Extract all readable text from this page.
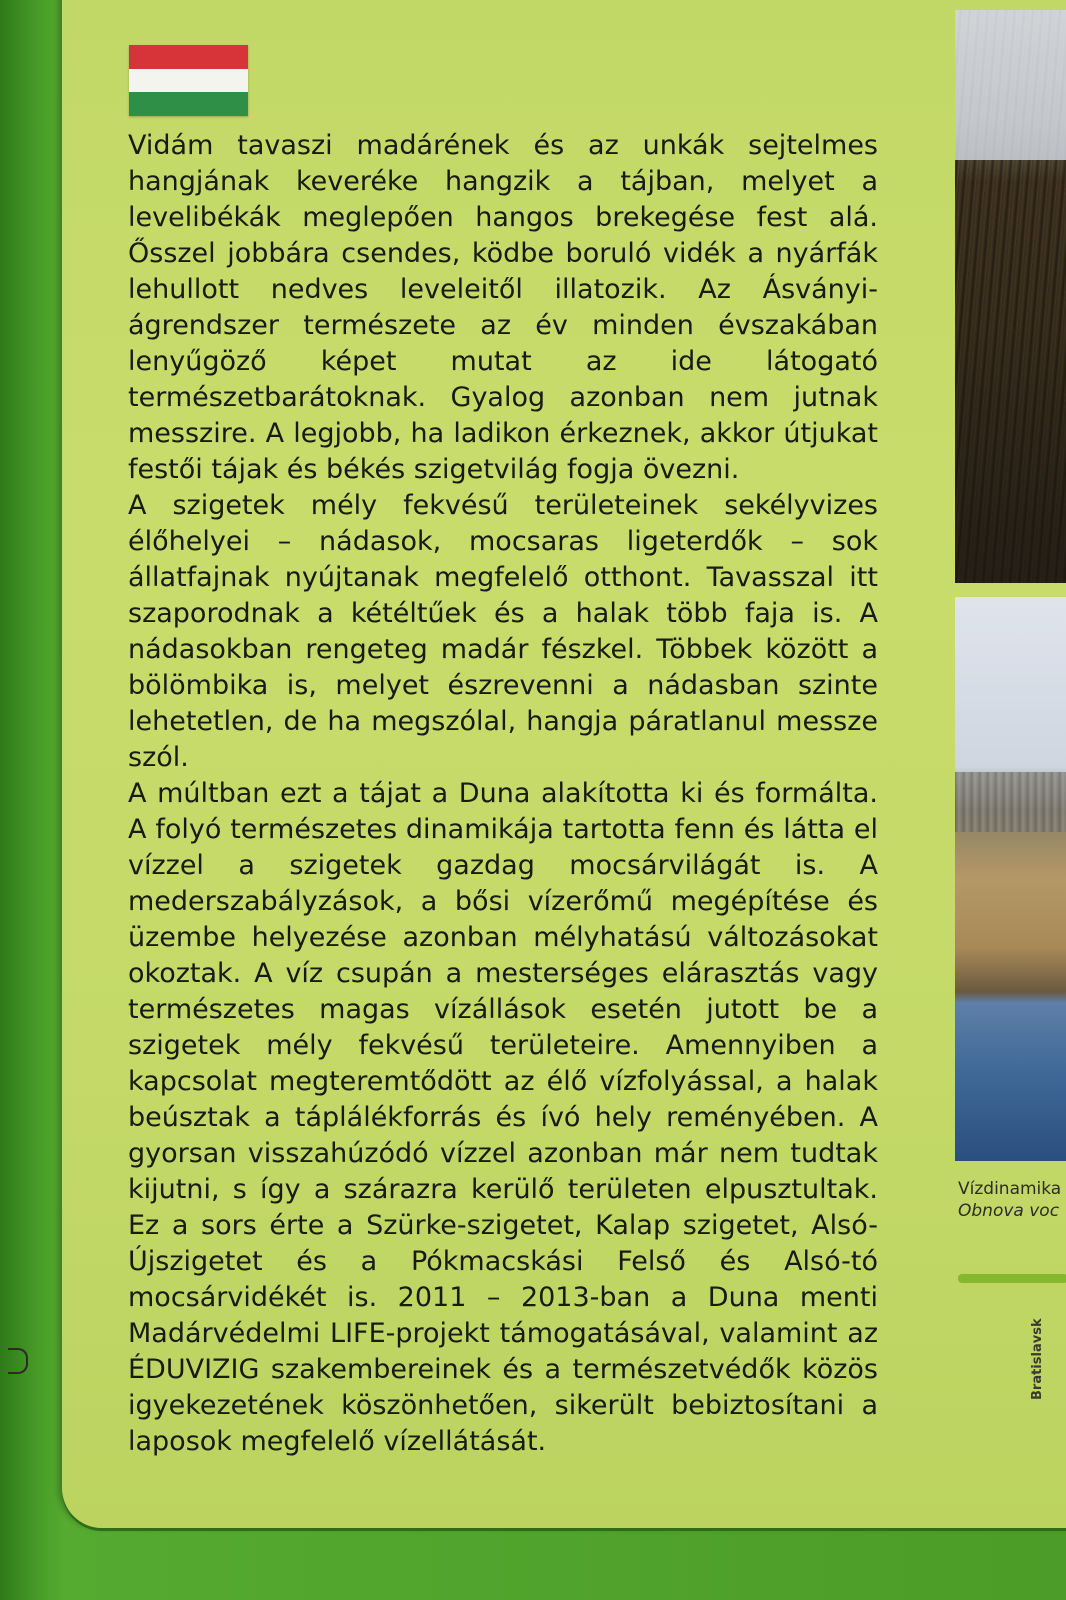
Vidám tavaszi madárének és az unkák sejtelmes hangjának keveréke hangzik a tájban, melyet a levelibékák meglepően hangos brekegése fest alá. Ősszel jobbára csendes, ködbe boruló vidék a nyárfák lehullott nedves leveleitől illatozik. Az Ásványi-ágrendszer természete az év minden évszakában lenyűgöző képet mutat az ide látogató természetbarátoknak. Gyalog azonban nem jutnak messzire. A legjobb, ha ladikon érkeznek, akkor útjukat festői tájak és békés szigetvilág fogja övezni.

A szigetek mély fekvésű területeinek sekélyvizes élőhelyei – nádasok, mocsaras ligeterdők – sok állatfajnak nyújtanak megfelelő otthont. Tavasszal itt szaporodnak a kétéltűek és a halak több faja is. A nádasokban rengeteg madár fészkel. Többek között a bölömbika is, melyet észrevenni a nádasban szinte lehetetlen, de ha megszólal, hangja páratlanul messze szól.

A múltban ezt a tájat a Duna alakította ki és formálta. A folyó természetes dinamikája tartotta fenn és látta el vízzel a szigetek gazdag mocsárvilágát is. A mederszabályzások, a bősi vízerőmű megépítése és üzembe helyezése azonban mélyhatású változásokat okoztak. A víz csupán a mesterséges elárasztás vagy természetes magas vízállások esetén jutott be a szigetek mély fekvésű területeire. Amennyiben a kapcsolat megteremtődött az élő vízfolyással, a halak beúsztak a táplálékforrás és ívó hely reményében. A gyorsan visszahúzódó vízzel azonban már nem tudtak kijutni, s így a szárazra kerülő területen elpusztultak. Ez a sors érte a Szürke-szigetet, Kalap szigetet, Alsó-Újszigetet és a Pókmacskási Felső és Alsó-tó mocsárvidékét is. 2011 – 2013-ban a Duna menti Madárvédelmi LIFE-projekt támogatásával, valamint az ÉDUVIZIG szakembereinek és a természetvédők közös igyekezetének köszönhetően, sikerült bebiztosítani a laposok megfelelő vízellátását.

Vízdinamika
Obnova voc
Bratislavsk
